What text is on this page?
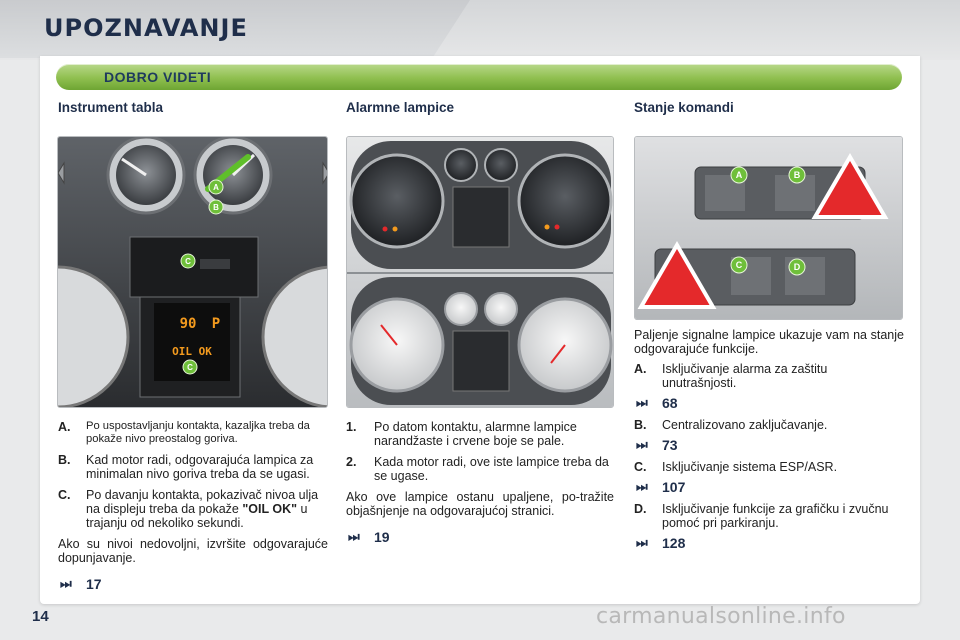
UPOZNAVANJE
DOBRO VIDETI
Instrument tabla	Alarmne lampice	Stanje komandi
A
B
C
90 P
OIL OK
C
A	B
C	D
A.	Po uspostavljanju kontakta, kazaljka treba da pokaže nivo preostalog goriva.
B.	Kad motor radi, odgovarajuća lampica za minimalan nivo goriva treba da se ugasi.
C.	Po davanju kontakta, pokazivač nivoa ulja na displeju treba da pokaže "OIL OK" u trajanju od nekoliko sekundi.
Ako su nivoi nedovoljni, izvršite odgovarajuće dopunjavanje.
⏭	17
1.	Po datom kontaktu, alarmne lampice narandžaste i crvene boje se pale.
2.	Kada motor radi, ove iste lampice treba da se ugase.
Ako ove lampice ostanu upaljene, po-tražite objašnjenje na odgovarajućoj stranici.
⏭	19
Paljenje signalne lampice ukazuje vam na stanje odgovarajuće funkcije.
A.	Isključivanje alarma za zaštitu unutrašnjosti.
⏭	68
B.	Centralizovano zaključavanje.
⏭	73
C.	Isključivanje sistema ESP/ASR.
⏭	107
D.	Isključivanje funkcije za grafičku i zvučnu pomoć pri parkiranju.
⏭	128
14	carmanualsonline.info
